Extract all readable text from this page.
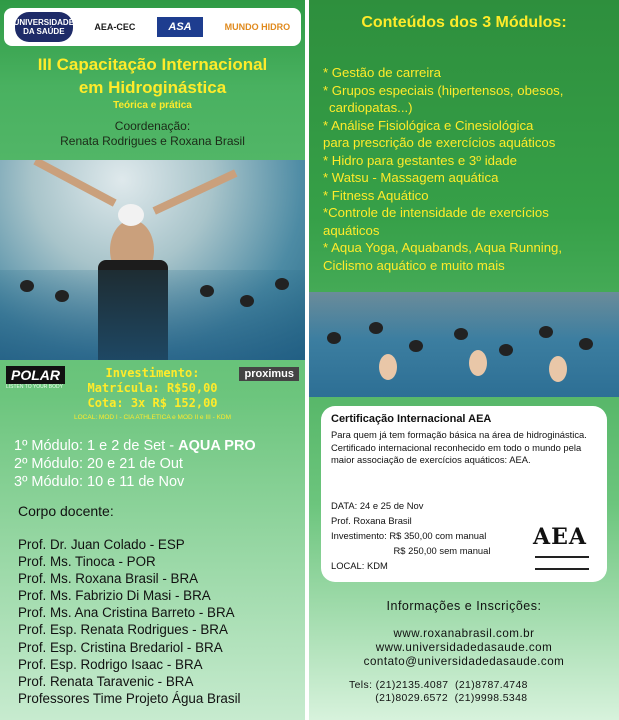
UNIVERSIDADE DA SAÚDE	AEA-CEC	ASA	MUNDO HIDRO
III Capacitação Internacional
em Hidroginástica
Teórica e prática
Coordenação:
Renata Rodrigues e Roxana Brasil
POLAR
LISTEN TO YOUR BODY
proximus
Investimento:
Matrícula: R$50,00
Cota: 3x R$ 152,00
LOCAL: MOD I - CIA ATHLETICA e MOD II e III - KDM
1º Módulo: 1 e 2 de Set - AQUA PRO
2º Módulo: 20 e 21 de Out
3º Módulo: 10 e 11 de Nov
Corpo docente:
Prof. Dr. Juan Colado - ESP
Prof. Ms. Tinoca - POR
Prof. Ms. Roxana Brasil - BRA
Prof. Ms. Fabrizio Di Masi - BRA
Prof. Ms. Ana Cristina Barreto - BRA
Prof. Esp. Renata Rodrigues - BRA
Prof. Esp. Cristina Bredariol - BRA
Prof. Esp. Rodrigo Isaac - BRA
Prof. Renata Taravenic - BRA
Professores Time Projeto Água Brasil
Conteúdos dos 3 Módulos:
* Gestão de carreira
* Grupos especiais (hipertensos, obesos,
cardiopatas...)
* Análise Fisiológica e Cinesiológica
para prescrição de exercícios aquáticos
* Hidro para gestantes e 3º idade
* Watsu - Massagem aquática
* Fitness Aquático
*Controle de intensidade de exercícios
aquáticos
* Aqua Yoga, Aquabands, Aqua Running,
Ciclismo aquático e muito mais
Certificação Internacional AEA
Para quem já tem formação básica na área de hidroginástica. Certificado internacional reconhecido em todo o mundo pela maior associação de exercícios aquáticos: AEA.
DATA: 24 e 25 de Nov
Prof. Roxana Brasil
Investimento: R$ 350,00 com manual
R$ 250,00 sem manual
LOCAL: KDM
AEA
Informações e Inscrições:
www.roxanabrasil.com.br
www.universidadedasaude.com
contato@universidadedasaude.com
Tels: (21)2135.4087  (21)8787.4748
(21)8029.6572  (21)9998.5348
